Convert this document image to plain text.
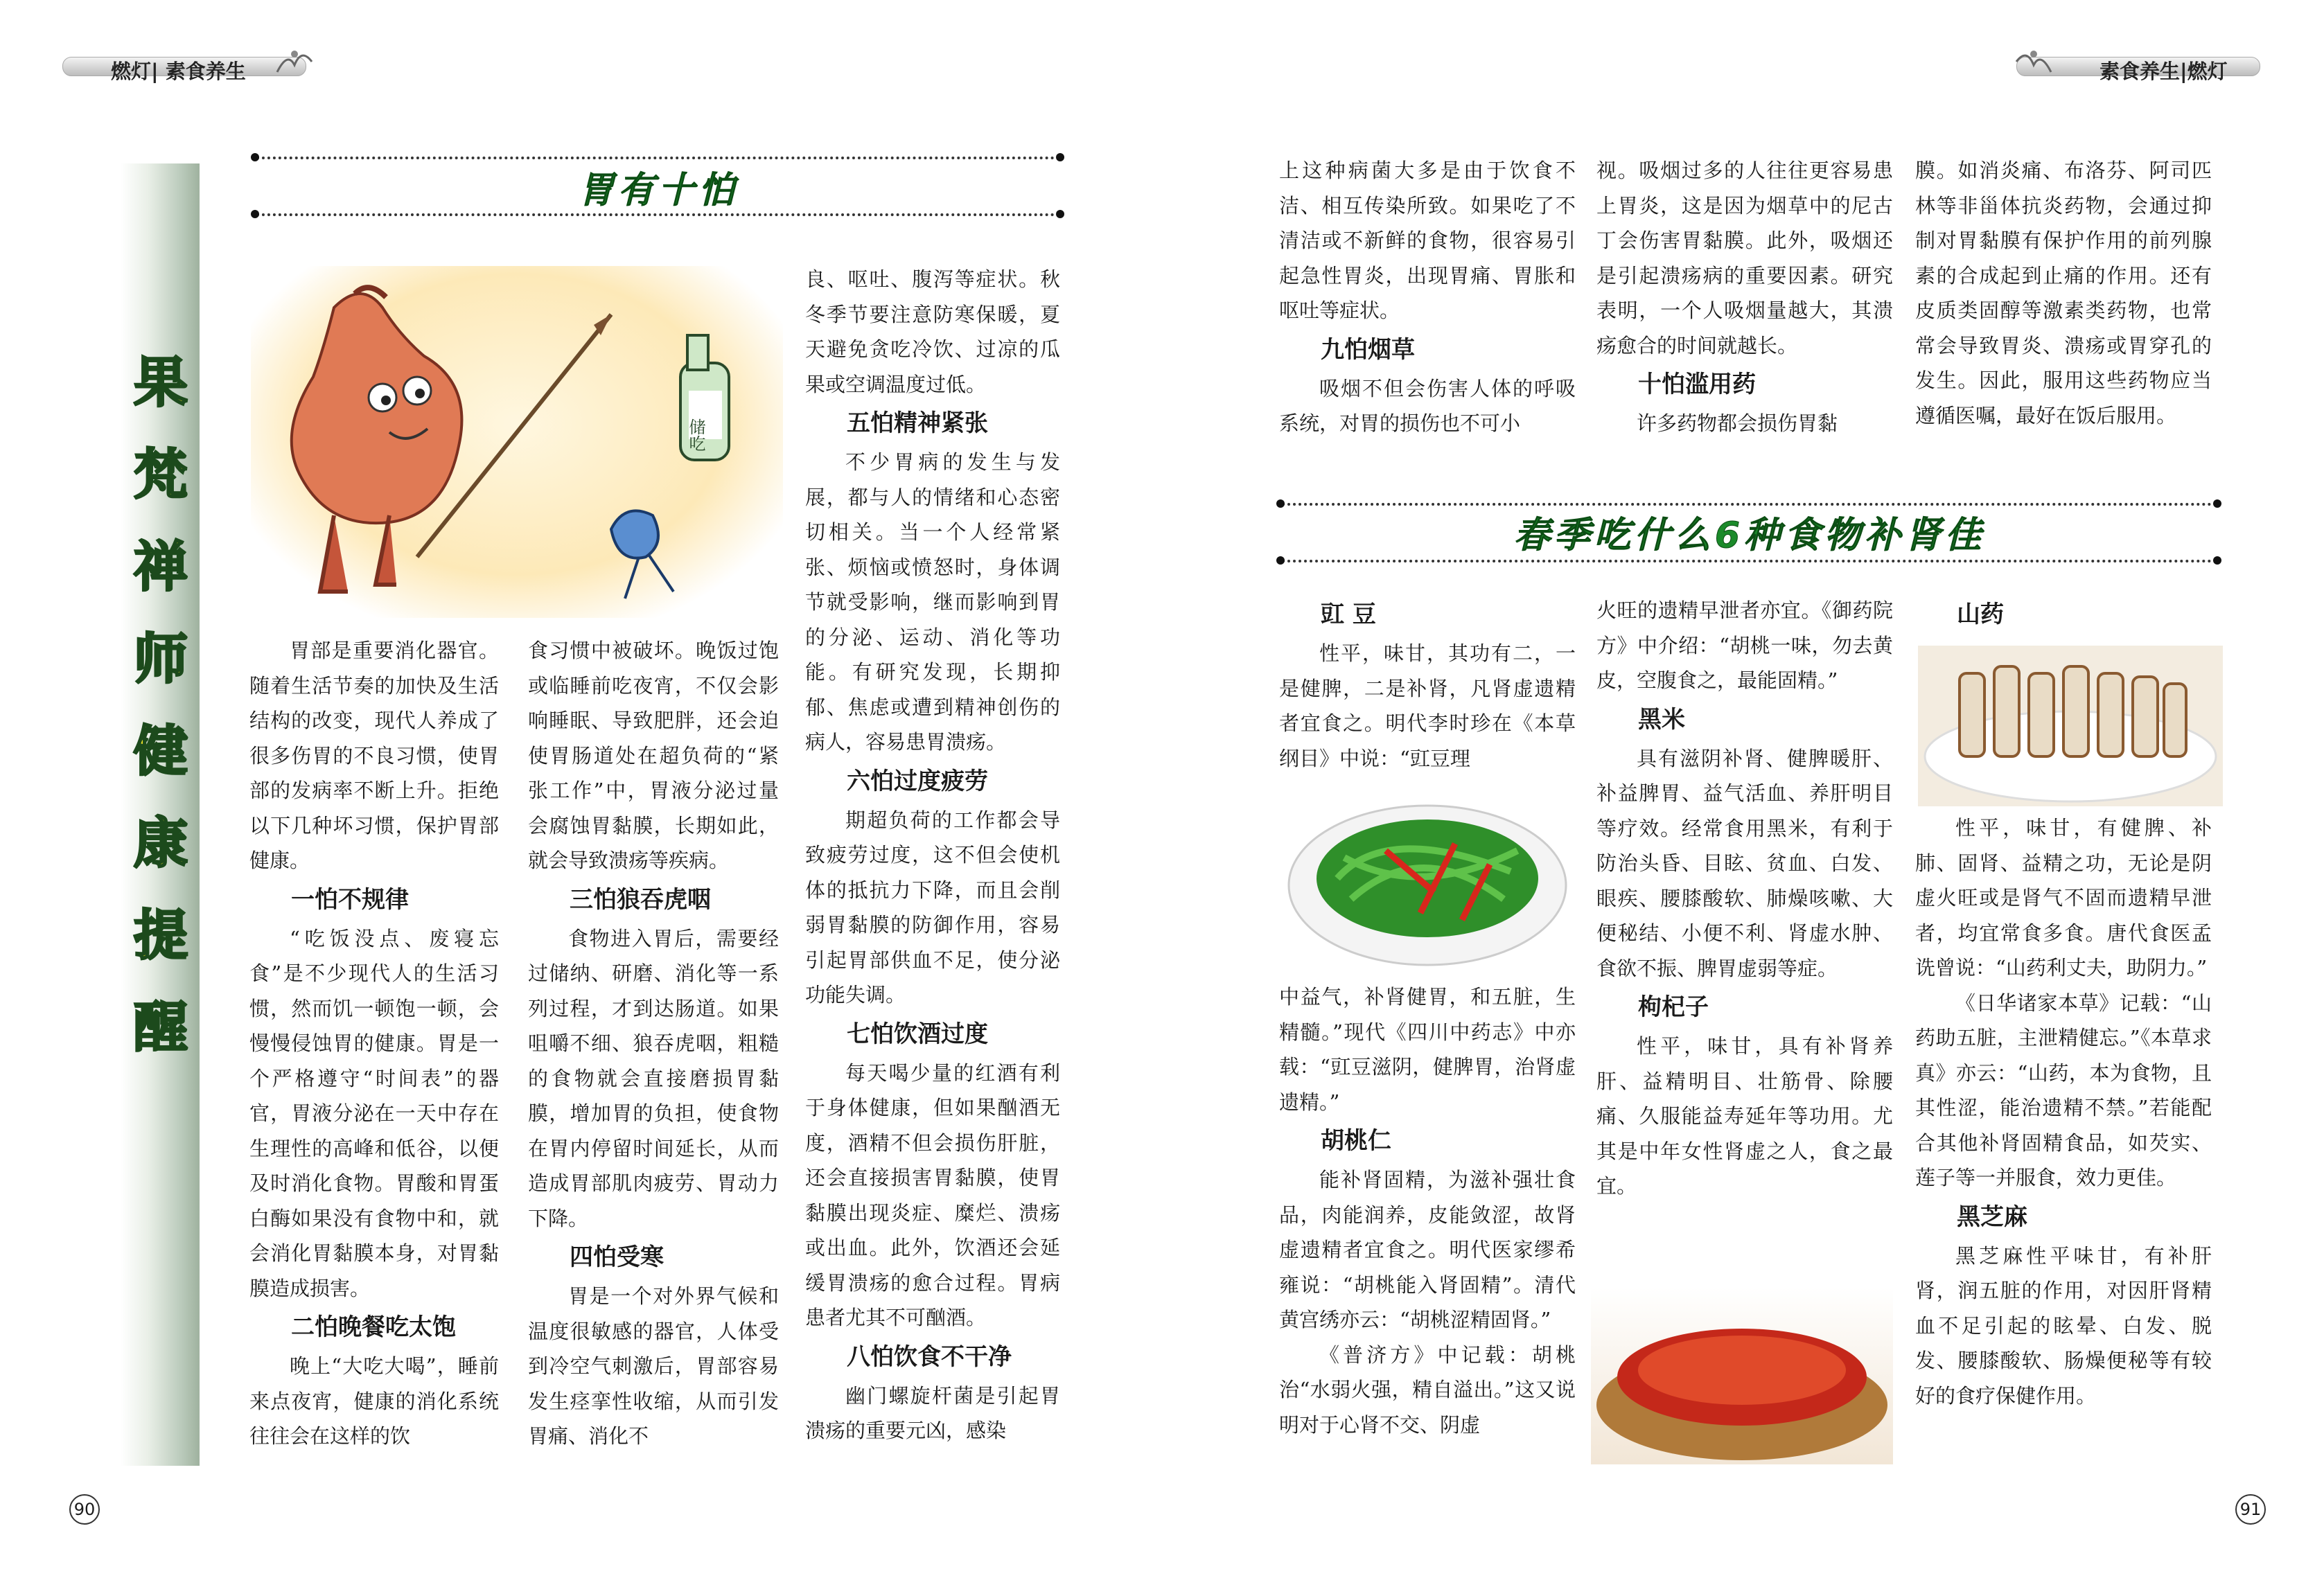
燃灯| 素食养生	素食养生|燃灯
果
梵
禅
师
健
康
提
醒
胃有十怕
储吃
春季吃什么6种食物补肾佳
胃部是重要消化器官。随着生活节奏的加快及生活结构的改变，现代人养成了很多伤胃的不良习惯，使胃部的发病率不断上升。拒绝以下几种坏习惯，保护胃部健康。
一怕不规律
“吃饭没点、废寝忘食”是不少现代人的生活习惯，然而饥一顿饱一顿，会慢慢侵蚀胃的健康。胃是一个严格遵守“时间表”的器官，胃液分泌在一天中存在生理性的高峰和低谷，以便及时消化食物。胃酸和胃蛋白酶如果没有食物中和，就会消化胃黏膜本身，对胃黏膜造成损害。
二怕晚餐吃太饱
晚上“大吃大喝”，睡前来点夜宵，健康的消化系统往往会在这样的饮
食习惯中被破坏。晚饭过饱或临睡前吃夜宵，不仅会影响睡眠、导致肥胖，还会迫使胃肠道处在超负荷的“紧张工作”中，胃液分泌过量会腐蚀胃黏膜，长期如此，就会导致溃疡等疾病。
三怕狼吞虎咽
食物进入胃后，需要经过储纳、研磨、消化等一系列过程，才到达肠道。如果咀嚼不细、狼吞虎咽，粗糙的食物就会直接磨损胃黏膜，增加胃的负担，使食物在胃内停留时间延长，从而造成胃部肌肉疲劳、胃动力下降。
四怕受寒
胃是一个对外界气候和温度很敏感的器官，人体受到冷空气刺激后，胃部容易发生痉挛性收缩，从而引发胃痛、消化不
良、呕吐、腹泻等症状。秋冬季节要注意防寒保暖，夏天避免贪吃冷饮、过凉的瓜果或空调温度过低。
五怕精神紧张
不少胃病的发生与发展，都与人的情绪和心态密切相关。当一个人经常紧张、烦恼或愤怒时，身体调节就受影响，继而影响到胃的分泌、运动、消化等功能。有研究发现，长期抑郁、焦虑或遭到精神创伤的病人，容易患胃溃疡。
六怕过度疲劳
期超负荷的工作都会导致疲劳过度，这不但会使机体的抵抗力下降，而且会削弱胃黏膜的防御作用，容易引起胃部供血不足，使分泌功能失调。
七怕饮酒过度
每天喝少量的红酒有利于身体健康，但如果酗酒无度，酒精不但会损伤肝脏，还会直接损害胃黏膜，使胃黏膜出现炎症、糜烂、溃疡或出血。此外，饮酒还会延缓胃溃疡的愈合过程。胃病患者尤其不可酗酒。
八怕饮食不干净
幽门螺旋杆菌是引起胃溃疡的重要元凶，感染
上这种病菌大多是由于饮食不洁、相互传染所致。如果吃了不清洁或不新鲜的食物，很容易引起急性胃炎，出现胃痛、胃胀和呕吐等症状。
九怕烟草
吸烟不但会伤害人体的呼吸系统，对胃的损伤也不可小
视。吸烟过多的人往往更容易患上胃炎，这是因为烟草中的尼古丁会伤害胃黏膜。此外，吸烟还是引起溃疡病的重要因素。研究表明，一个人吸烟量越大，其溃疡愈合的时间就越长。
十怕滥用药
许多药物都会损伤胃黏
膜。如消炎痛、布洛芬、阿司匹林等非甾体抗炎药物，会通过抑制对胃黏膜有保护作用的前列腺素的合成起到止痛的作用。还有皮质类固醇等激素类药物，也常常会导致胃炎、溃疡或胃穿孔的发生。因此，服用这些药物应当遵循医嘱，最好在饭后服用。
豇 豆
性平，味甘，其功有二，一是健脾，二是补肾，凡肾虚遗精者宜食之。明代李时珍在《本草纲目》中说：“豇豆理
中益气，补肾健胃，和五脏，生精髓。”现代《四川中药志》中亦载：“豇豆滋阴，健脾胃，治肾虚遗精。”
胡桃仁
能补肾固精，为滋补强壮食品，肉能润养，皮能敛涩，故肾虚遗精者宜食之。明代医家缪希雍说：“胡桃能入肾固精”。清代黄宫绣亦云：“胡桃涩精固肾。”
《普济方》中记载：胡桃治“水弱火强，精自溢出。”这又说明对于心肾不交、阴虚
火旺的遗精早泄者亦宜。《御药院方》中介绍：“胡桃一味，勿去黄皮，空腹食之，最能固精。”
黑米
具有滋阴补肾、健脾暖肝、补益脾胃、益气活血、养肝明目等疗效。经常食用黑米，有利于防治头昏、目眩、贫血、白发、眼疾、腰膝酸软、肺燥咳嗽、大便秘结、小便不利、肾虚水肿、食欲不振、脾胃虚弱等症。
枸杞子
性平，味甘，具有补肾养肝、益精明目、壮筋骨、除腰痛、久服能益寿延年等功用。尤其是中年女性肾虚之人，食之最宜。
山药
性平，味甘，有健脾、补肺、固肾、益精之功，无论是阴虚火旺或是肾气不固而遗精早泄者，均宜常食多食。唐代食医孟诜曾说：“山药利丈夫，助阴力。”
《日华诸家本草》记载：“山药助五脏，主泄精健忘。”《本草求真》亦云：“山药，本为食物，且其性涩，能治遗精不禁。”若能配合其他补肾固精食品，如芡实、莲子等一并服食，效力更佳。
黑芝麻
黑芝麻性平味甘，有补肝肾，润五脏的作用，对因肝肾精血不足引起的眩晕、白发、脱发、腰膝酸软、肠燥便秘等有较好的食疗保健作用。
90	91
